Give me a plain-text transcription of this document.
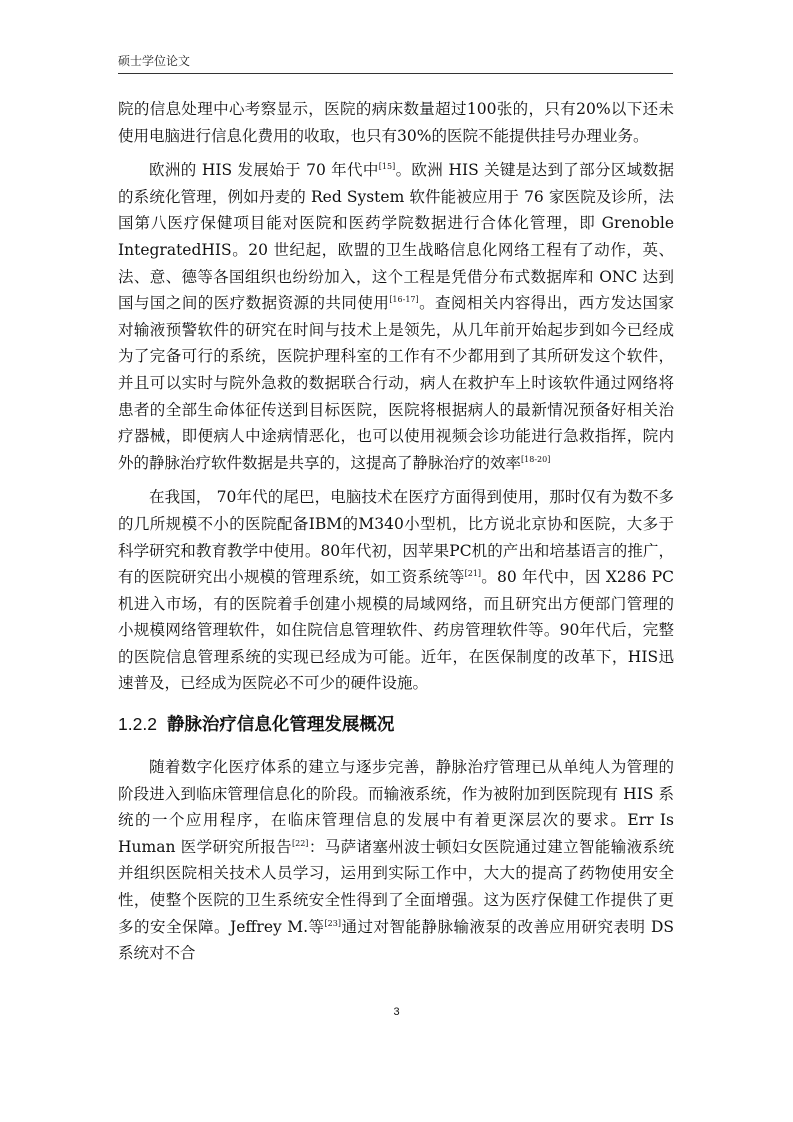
硕士学位论文

院的信息处理中心考察显示，医院的病床数量超过100张的，只有20%以下还未使用电脑进行信息化费用的收取，也只有30%的医院不能提供挂号办理业务。

欧洲的 HIS 发展始于 70 年代中[15]。欧洲 HIS 关键是达到了部分区域数据的系统化管理，例如丹麦的 Red System 软件能被应用于 76 家医院及诊所，法国第八医疗保健项目能对医院和医药学院数据进行合体化管理，即 Grenoble IntegratedHIS。20 世纪起，欧盟的卫生战略信息化网络工程有了动作，英、法、意、德等各国组织也纷纷加入，这个工程是凭借分布式数据库和 ONC 达到国与国之间的医疗数据资源的共同使用[16-17]。查阅相关内容得出，西方发达国家对输液预警软件的研究在时间与技术上是领先，从几年前开始起步到如今已经成为了完备可行的系统，医院护理科室的工作有不少都用到了其所研发这个软件，并且可以实时与院外急救的数据联合行动，病人在救护车上时该软件通过网络将患者的全部生命体征传送到目标医院，医院将根据病人的最新情况预备好相关治疗器械，即便病人中途病情恶化，也可以使用视频会诊功能进行急救指挥，院内外的静脉治疗软件数据是共享的，这提高了静脉治疗的效率[18-20]

在我国， 70年代的尾巴，电脑技术在医疗方面得到使用，那时仅有为数不多的几所规模不小的医院配备IBM的M340小型机，比方说北京协和医院，大多于科学研究和教育教学中使用。80年代初，因苹果PC机的产出和培基语言的推广，有的医院研究出小规模的管理系统，如工资系统等[21]。80 年代中，因 X286 PC 机进入市场，有的医院着手创建小规模的局域网络，而且研究出方便部门管理的小规模网络管理软件，如住院信息管理软件、药房管理软件等。90年代后，完整的医院信息管理系统的实现已经成为可能。近年，在医保制度的改革下，HIS迅速普及，已经成为医院必不可少的硬件设施。

1.2.2 静脉治疗信息化管理发展概况

随着数字化医疗体系的建立与逐步完善，静脉治疗管理已从单纯人为管理的阶段进入到临床管理信息化的阶段。而输液系统，作为被附加到医院现有 HIS 系统的一个应用程序，在临床管理信息的发展中有着更深层次的要求。Err Is Human 医学研究所报告[22]：马萨诸塞州波士顿妇女医院通过建立智能输液系统并组织医院相关技术人员学习，运用到实际工作中，大大的提高了药物使用安全性，使整个医院的卫生系统安全性得到了全面增强。这为医疗保健工作提供了更多的安全保障。Jeffrey M.等[23]通过对智能静脉输液泵的改善应用研究表明 DS 系统对不合

3
